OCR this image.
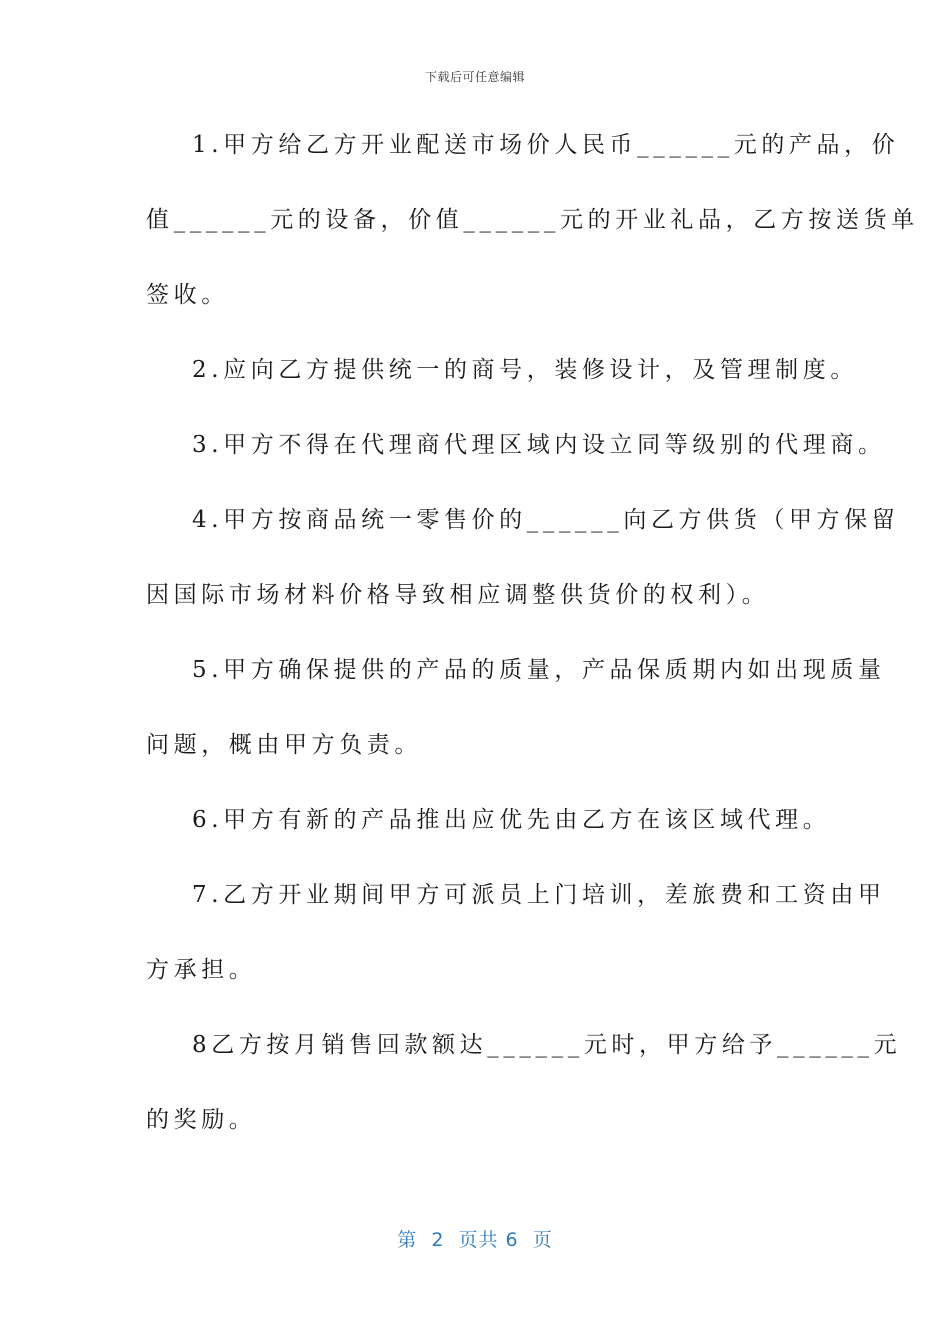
下载后可任意编辑
1.甲方给乙方开业配送市场价人民币______元的产品，价
值______元的设备，价值______元的开业礼品，乙方按送货单
签收。
2.应向乙方提供统一的商号，装修设计，及管理制度。
3.甲方不得在代理商代理区域内设立同等级别的代理商。
4.甲方按商品统一零售价的______向乙方供货（甲方保留
因国际市场材料价格导致相应调整供货价的权利）。
5.甲方确保提供的产品的质量，产品保质期内如出现质量
问题，概由甲方负责。
6.甲方有新的产品推出应优先由乙方在该区域代理。
7.乙方开业期间甲方可派员上门培训，差旅费和工资由甲
方承担。
8乙方按月销售回款额达______元时，甲方给予______元
的奖励。
第  2  页共 6  页
